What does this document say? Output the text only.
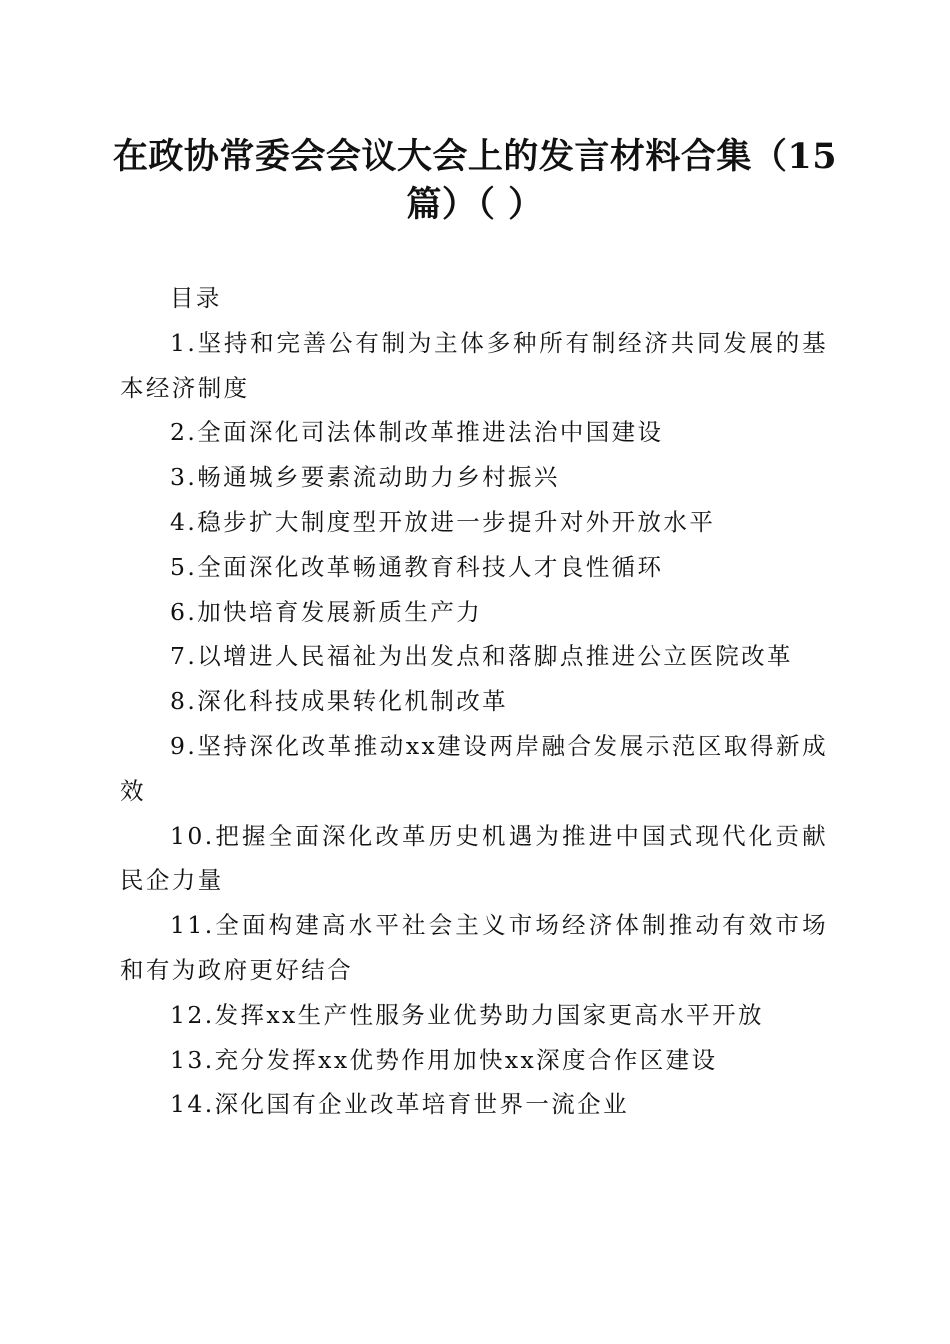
在政协常委会会议大会上的发言材料合集（15篇）（ ）

目录

1.坚持和完善公有制为主体多种所有制经济共同发展的基本经济制度
2.全面深化司法体制改革推进法治中国建设
3.畅通城乡要素流动助力乡村振兴
4.稳步扩大制度型开放进一步提升对外开放水平
5.全面深化改革畅通教育科技人才良性循环
6.加快培育发展新质生产力
7.以增进人民福祉为出发点和落脚点推进公立医院改革
8.深化科技成果转化机制改革
9.坚持深化改革推动xx建设两岸融合发展示范区取得新成效
10.把握全面深化改革历史机遇为推进中国式现代化贡献民企力量
11.全面构建高水平社会主义市场经济体制推动有效市场和有为政府更好结合
12.发挥xx生产性服务业优势助力国家更高水平开放
13.充分发挥xx优势作用加快xx深度合作区建设
14.深化国有企业改革培育世界一流企业
